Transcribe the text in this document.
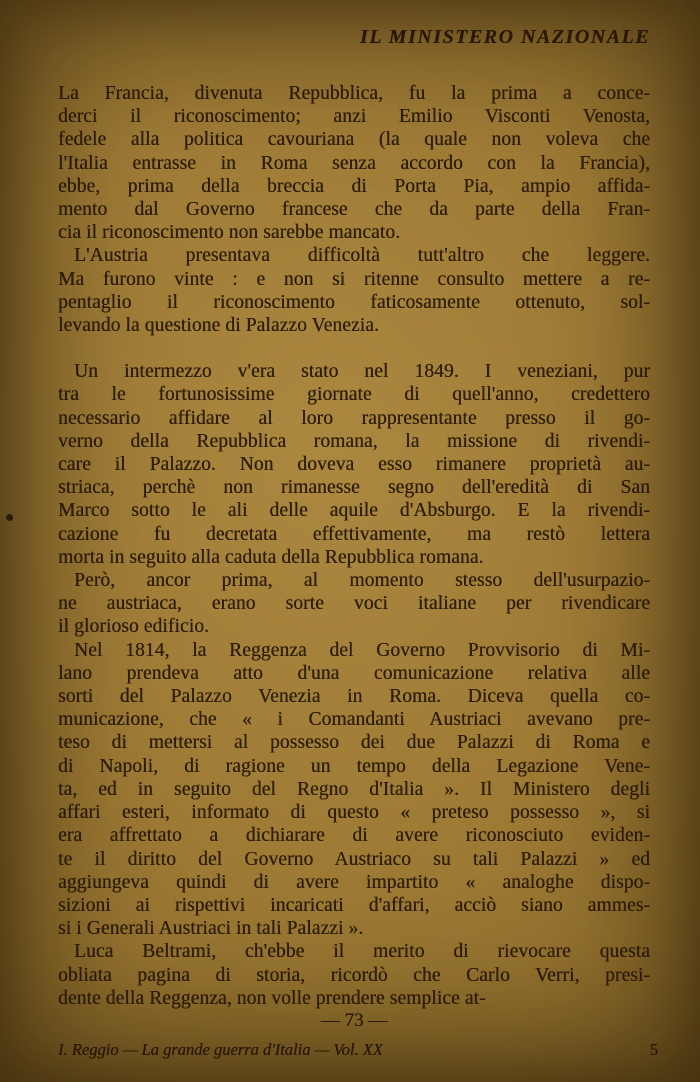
IL MINISTERO NAZIONALE
La Francia, divenuta Repubblica, fu la prima a conce-
derci il riconoscimento; anzi Emilio Visconti Venosta,
fedele alla politica cavouriana (la quale non voleva che
l'Italia entrasse in Roma senza accordo con la Francia),
ebbe, prima della breccia di Porta Pia, ampio affida-
mento dal Governo francese che da parte della Fran-
cia il riconoscimento non sarebbe mancato.
L'Austria presentava difficoltà tutt'altro che leggere.
Ma furono vinte : e non si ritenne consulto mettere a re-
pentaglio il riconoscimento faticosamente ottenuto, sol-
levando la questione di Palazzo Venezia.
Un intermezzo v'era stato nel 1849. I veneziani, pur
tra le fortunosissime giornate di quell'anno, credettero
necessario affidare al loro rappresentante presso il go-
verno della Repubblica romana, la missione di rivendi-
care il Palazzo. Non doveva esso rimanere proprietà au-
striaca, perchè non rimanesse segno dell'eredità di San
Marco sotto le ali delle aquile d'Absburgo. E la rivendi-
cazione fu decretata effettivamente, ma restò lettera
morta in seguito alla caduta della Repubblica romana.
Però, ancor prima, al momento stesso dell'usurpazio-
ne austriaca, erano sorte voci italiane per rivendicare
il glorioso edificio.
Nel 1814, la Reggenza del Governo Provvisorio di Mi-
lano prendeva atto d'una comunicazione relativa alle
sorti del Palazzo Venezia in Roma. Diceva quella co-
municazione, che « i Comandanti Austriaci avevano pre-
teso di mettersi al possesso dei due Palazzi di Roma e
di Napoli, di ragione un tempo della Legazione Vene-
ta, ed in seguito del Regno d'Italia ». Il Ministero degli
affari esteri, informato di questo « preteso possesso », si
era affrettato a dichiarare di avere riconosciuto eviden-
te il diritto del Governo Austriaco su tali Palazzi » ed
aggiungeva quindi di avere impartito « analoghe dispo-
sizioni ai rispettivi incaricati d'affari, acciò siano ammes-
si i Generali Austriaci in tali Palazzi ».
Luca Beltrami, ch'ebbe il merito di rievocare questa
obliata pagina di storia, ricordò che Carlo Verri, presi-
dente della Reggenza, non volle prendere semplice at-
— 73 —
I. Reggio — La grande guerra d'Italia — Vol. XX	5
